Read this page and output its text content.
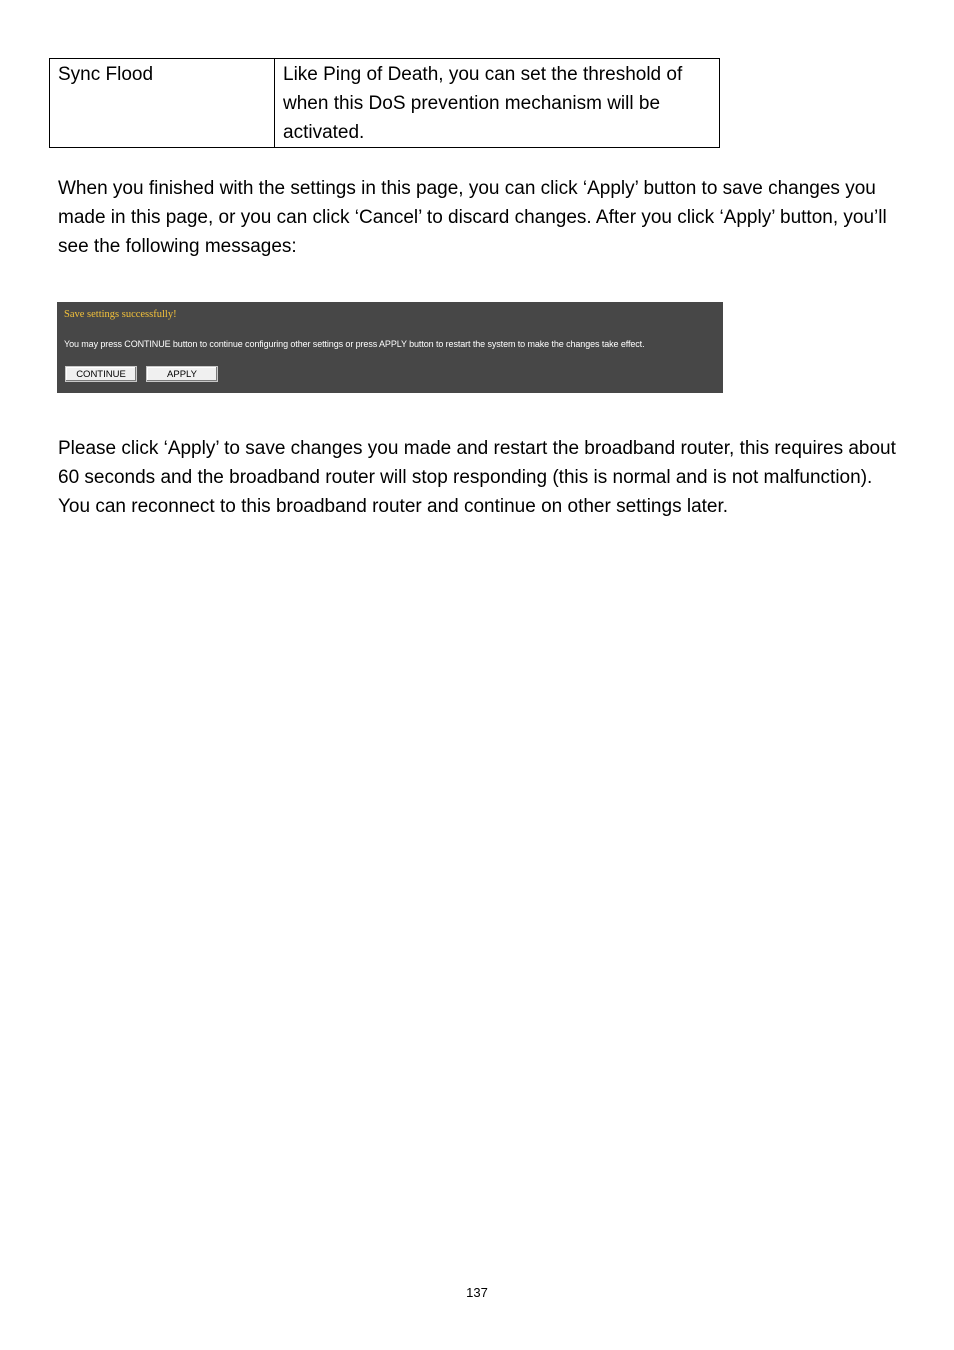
Sync Flood	Like Ping of Death, you can set the threshold of when this DoS prevention mechanism will be activated.

When you finished with the settings in this page, you can click ‘Apply’ button to save changes you made in this page, or you can click ‘Cancel’ to discard changes. After you click ‘Apply’ button, you’ll see the following messages:

Save settings successfully!
You may press CONTINUE button to continue configuring other settings or press APPLY button to restart the system to make the changes take effect.
CONTINUE	APPLY

Please click ‘Apply’ to save changes you made and restart the broadband router, this requires about 60 seconds and the broadband router will stop responding (this is normal and is not malfunction). You can reconnect to this broadband router and continue on other settings later.

137
